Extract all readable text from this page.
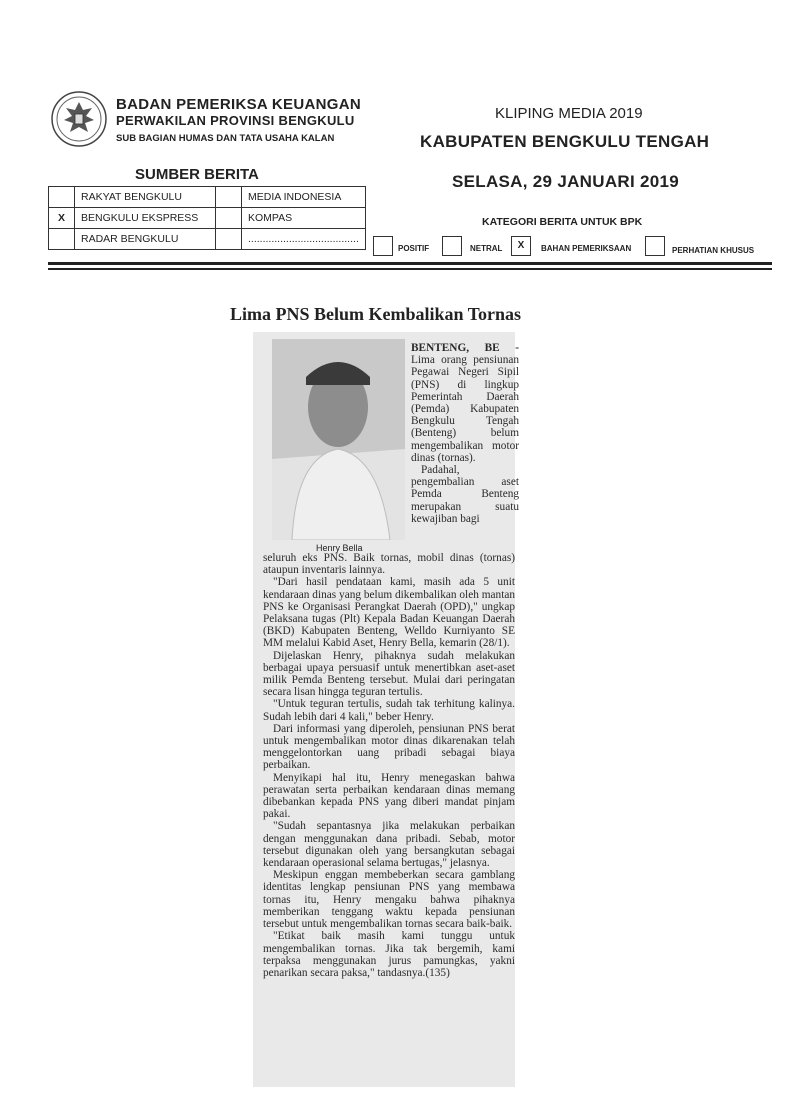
BADAN PEMERIKSA KEUANGAN
PERWAKILAN PROVINSI BENGKULU
SUB BAGIAN HUMAS DAN TATA USAHA KALAN
KLIPING MEDIA 2019
KABUPATEN BENGKULU TENGAH
SELASA, 29 JANUARI 2019
SUMBER BERITA
	RAKYAT BENGKULU		MEDIA INDONESIA
X	BENGKULU EKSPRESS		KOMPAS
	RADAR BENGKULU		......................................
KATEGORI BERITA UNTUK BPK
POSITIF	NETRAL	X	BAHAN PEMERIKSAAN	PERHATIAN KHUSUS
Lima PNS Belum Kembalikan Tornas
Henry Bella

BENTENG, BE - Lima orang pensiunan Pegawai Negeri Sipil (PNS) di lingkup Pemerintah Daerah (Pemda) Kabupaten Bengkulu Tengah (Benteng) belum mengembalikan motor dinas (tornas).

Padahal, pengembalian aset Pemda Benteng merupakan suatu kewajiban bagi

seluruh eks PNS. Baik tornas, mobil dinas (tornas) ataupun inventaris lainnya.

"Dari hasil pendataan kami, masih ada 5 unit kendaraan dinas yang belum dikembalikan oleh mantan PNS ke Organisasi Perangkat Daerah (OPD)," ungkap Pelaksana tugas (Plt) Kepala Badan Keuangan Daerah (BKD) Kabupaten Benteng, Welldo Kurniyanto SE MM melalui Kabid Aset, Henry Bella, kemarin (28/1).

Dijelaskan Henry, pihaknya sudah melakukan berbagai upaya persuasif untuk menertibkan aset-aset milik Pemda Benteng tersebut. Mulai dari peringatan secara lisan hingga teguran tertulis.

"Untuk teguran tertulis, sudah tak terhitung kalinya. Sudah lebih dari 4 kali," beber Henry.

Dari informasi yang diperoleh, pensiunan PNS berat untuk mengembalikan motor dinas dikarenakan telah menggelontorkan uang pribadi sebagai biaya perbaikan.

Menyikapi hal itu, Henry menegaskan bahwa perawatan serta perbaikan kendaraan dinas memang dibebankan kepada PNS yang diberi mandat pinjam pakai.

"Sudah sepantasnya jika melakukan perbaikan dengan menggunakan dana pribadi. Sebab, motor tersebut digunakan oleh yang bersangkutan sebagai kendaraan operasional selama bertugas," jelasnya.

Meskipun enggan membeberkan secara gamblang identitas lengkap pensiunan PNS yang membawa tornas itu, Henry mengaku bahwa pihaknya memberikan tenggang waktu kepada pensiunan tersebut untuk mengembalikan tornas secara baik-baik.

"Etikat baik masih kami tunggu untuk mengembalikan tornas. Jika tak bergemih, kami terpaksa menggunakan jurus pamungkas, yakni penarikan secara paksa," tandasnya.(135)
